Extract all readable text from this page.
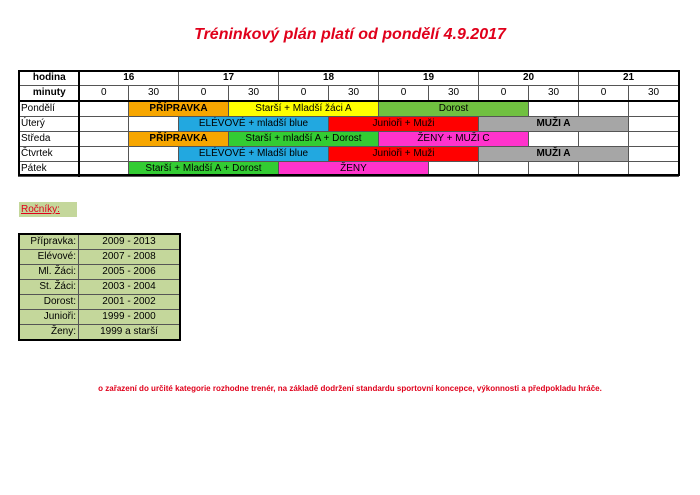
Tréninkový plán platí od pondělí 4.9.2017
hodina	16		17		18		19		20		21	
minuty	0	30	0	30	0	30	0	30	0	30	0	30
Pondělí		PŘÍPRAVKA		Starší + Mladší žáci A			Dorost					
Úterý			ELÉVOVÉ + mladší blue			Junioři + Muži			MUŽI A			
Středa		PŘÍPRAVKA		Starší + mladší A + Dorost			ŽENY + MUŽI C					
Čtvrtek			ELÉVOVÉ + Mladší blue			Junioři + Muži			MUŽI A			
Pátek		Starší + Mladší A + Dorost			ŽENY							
Ročníky:
Přípravka:	2009 - 2013
Elévové:	2007 - 2008
Ml. Žáci:	2005 - 2006
St. Žáci:	2003 - 2004
Dorost:	2001 - 2002
Junioři:	1999 - 2000
Ženy:	1999 a starší
o zařazení do určité kategorie rozhodne trenér, na základě dodržení standardu sportovní koncepce, výkonnosti a předpokladu hráče.
